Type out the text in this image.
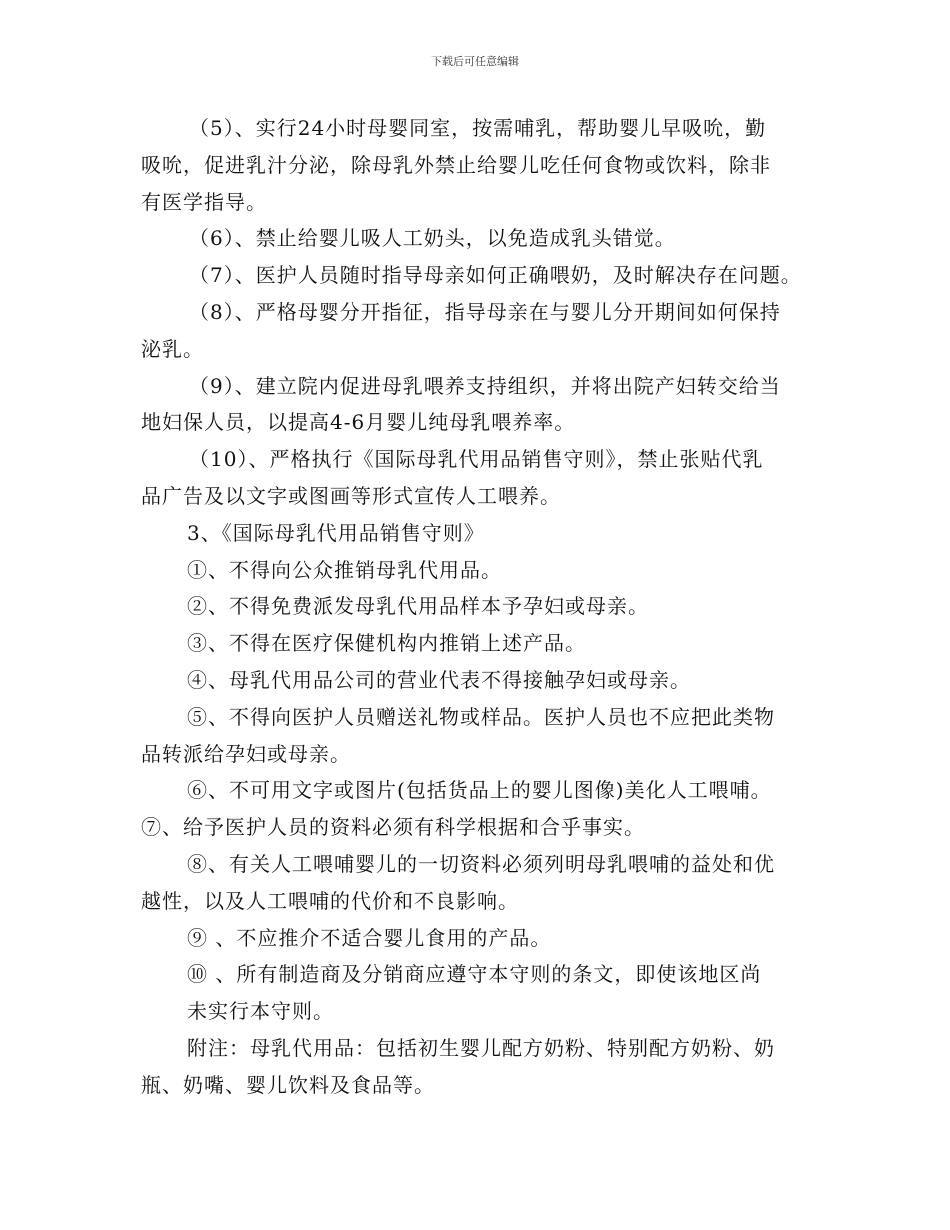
下载后可任意编辑
（5）、实行24小时母婴同室，按需哺乳，帮助婴儿早吸吮，勤
吸吮，促进乳汁分泌，除母乳外禁止给婴儿吃任何食物或饮料，除非
有医学指导。
（6）、禁止给婴儿吸人工奶头，以免造成乳头错觉。
（7）、医护人员随时指导母亲如何正确喂奶，及时解决存在问题。
（8）、严格母婴分开指征，指导母亲在与婴儿分开期间如何保持
泌乳。
（9）、建立院内促进母乳喂养支持组织，并将出院产妇转交给当
地妇保人员，以提高4-6月婴儿纯母乳喂养率。
（10）、严格执行《国际母乳代用品销售守则》，禁止张贴代乳
品广告及以文字或图画等形式宣传人工喂养。
3、《国际母乳代用品销售守则》
①、不得向公众推销母乳代用品。
②、不得免费派发母乳代用品样本予孕妇或母亲。
③、不得在医疗保健机构内推销上述产品。
④、母乳代用品公司的营业代表不得接触孕妇或母亲。
⑤、不得向医护人员赠送礼物或样品。医护人员也不应把此类物
品转派给孕妇或母亲。
⑥、不可用文字或图片(包括货品上的婴儿图像)美化人工喂哺。
⑦、给予医护人员的资料必须有科学根据和合乎事实。
⑧、有关人工喂哺婴儿的一切资料必须列明母乳喂哺的益处和优
越性，以及人工喂哺的代价和不良影响。
⑨ 、不应推介不适合婴儿食用的产品。
⑩ 、所有制造商及分销商应遵守本守则的条文，即使该地区尚
未实行本守则。
附注：母乳代用品：包括初生婴儿配方奶粉、特别配方奶粉、奶
瓶、奶嘴、婴儿饮料及食品等。
